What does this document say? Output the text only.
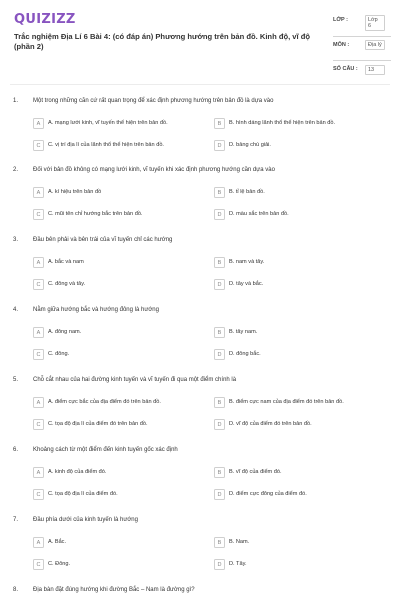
QUIZIZZ
Trắc nghiệm Địa Lí 6 Bài 4: (có đáp án) Phương hướng trên bản đồ. Kinh độ, vĩ độ (phần 2)
LỚP :	Lớp 6
MÔN :	Địa lý
SỐ CÂU :	13
1. Một trong những căn cứ rất quan trọng để xác định phương hướng trên bản đồ là dựa vào
A	A. mạng lưới kinh, vĩ tuyến thể hiện trên bản đồ.	B	B. hình dáng lãnh thổ thể hiện trên bản đồ.
C	C. vị trí địa lí của lãnh thổ thể hiện trên bản đồ.	D	D. bảng chú giải.
2. Đối với bản đồ không có mạng lưới kinh, vĩ tuyến khi xác định phương hướng cần dựa vào
A	A. kí hiệu trên bản đồ	B	B. tỉ lệ bản đồ.
C	C. mũi tên chỉ hướng bắc trên bản đồ.	D	D. màu sắc trên bản đồ.
3. Đầu bên phải và bên trái của vĩ tuyến chỉ các hướng
A	A. bắc và nam	B	B. nam và tây.
C	C. đông và tây.	D	D. tây và bắc.
4. Nằm giữa hướng bắc và hướng đông là hướng
A	A. đông nam.	B	B. tây nam.
C	C. đông.	D	D. đông bắc.
5. Chỗ cắt nhau của hai đường kinh tuyến và vĩ tuyến đi qua một điểm chính là
A	A. điểm cực bắc của địa điểm đó trên bản đồ.	B	B. điểm cực nam của địa điểm đó trên bản đồ.
C	C. tọa độ địa lí của điểm đó trên bản đồ.	D	D. vĩ độ của điểm đó trên bản đồ.
6. Khoảng cách từ một điểm đến kinh tuyến gốc xác định
A	A. kinh độ của điểm đó.	B	B. vĩ độ của điểm đó.
C	C. tọa độ địa lí của điểm đó.	D	D. điểm cực đông của điểm đó.
7. Đầu phía dưới của kinh tuyến là hướng
A	A. Bắc.	B	B. Nam.
C	C. Đông.	D	D. Tây.
8. Địa bàn đặt đúng hướng khi đường Bắc – Nam là đường gì?
